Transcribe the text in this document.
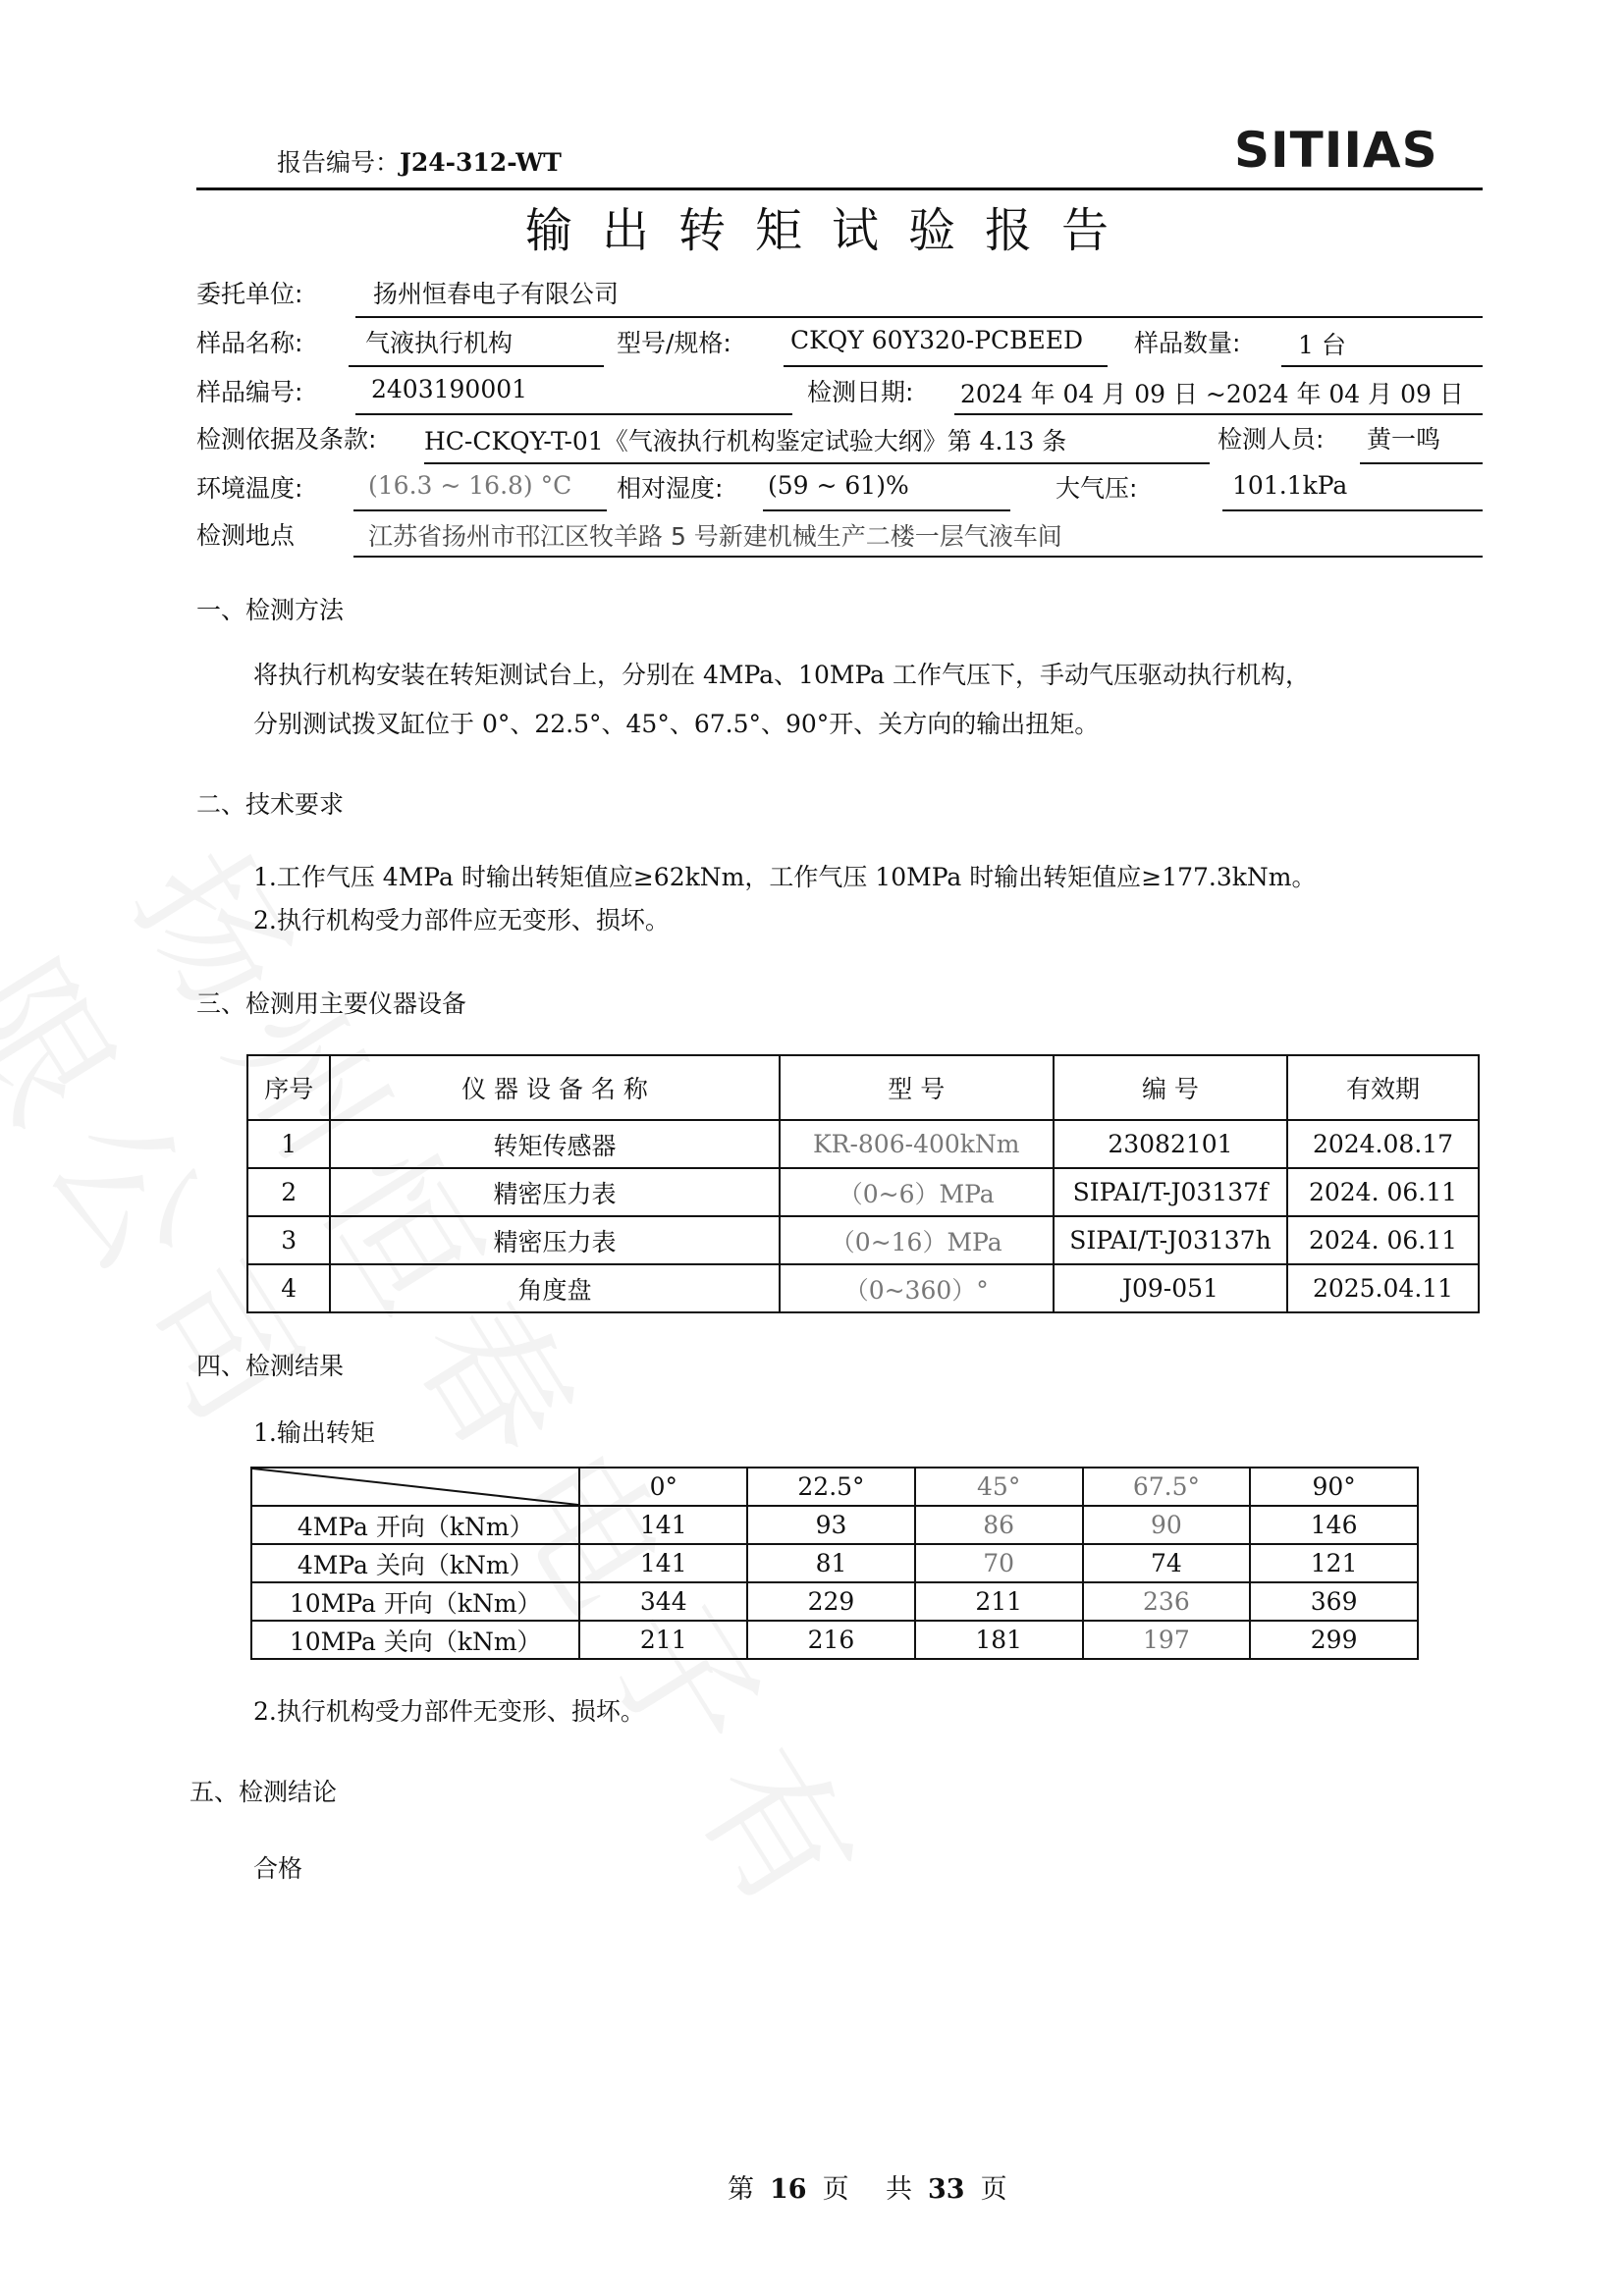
报告编号：J24-312-WT	SITIIAS
输出转矩试验报告
委托单位:	扬州恒春电子有限公司
样品名称:	气液执行机构	型号/规格: CKQY 60Y320-PCBEED 样品数量: 1 台
样品编号:	2403190001	检测日期: 2024 年 04 月 09 日 ~2024 年 04 月 09 日
检测依据及条款: HC-CKQY-T-01《气液执行机构鉴定试验大纲》第 4.13 条	检测人员: 黄一鸣
环境温度:	(16.3 ~ 16.8) °C 相对湿度: (59 ~ 61)%	大气压:	101.1kPa
检测地点	江苏省扬州市邗江区牧羊路 5 号新建机械生产二楼一层气液车间
一、检测方法
将执行机构安装在转矩测试台上，分别在 4MPa、10MPa 工作气压下，手动气压驱动执行机构，
分别测试拨叉缸位于 0°、22.5°、45°、67.5°、90°开、关方向的输出扭矩。
二、技术要求
1.工作气压 4MPa 时输出转矩值应≥62kNm，工作气压 10MPa 时输出转矩值应≥177.3kNm。
2.执行机构受力部件应无变形、损坏。
三、检测用主要仪器设备
序号	仪 器 设 备 名 称	型 号	编 号	有效期
1	转矩传感器	KR-806-400kNm	23082101	2024.08.17
2	精密压力表	（0~6）MPa	SIPAI/T-J03137f	2024. 06.11
3	精密压力表	（0~16）MPa	SIPAI/T-J03137h	2024. 06.11
4	角度盘	（0~360）°	J09-051	2025.04.11
四、检测结果
1.输出转矩
	0°	22.5°	45°	67.5°	90°
4MPa 开向（kNm）	141	93	86	90	146
4MPa 关向（kNm）	141	81	70	74	121
10MPa 开向（kNm）	344	229	211	236	369
10MPa 关向（kNm）	211	216	181	197	299
2.执行机构受力部件无变形、损坏。
五、检测结论
合格
第 16 页 共 33 页
